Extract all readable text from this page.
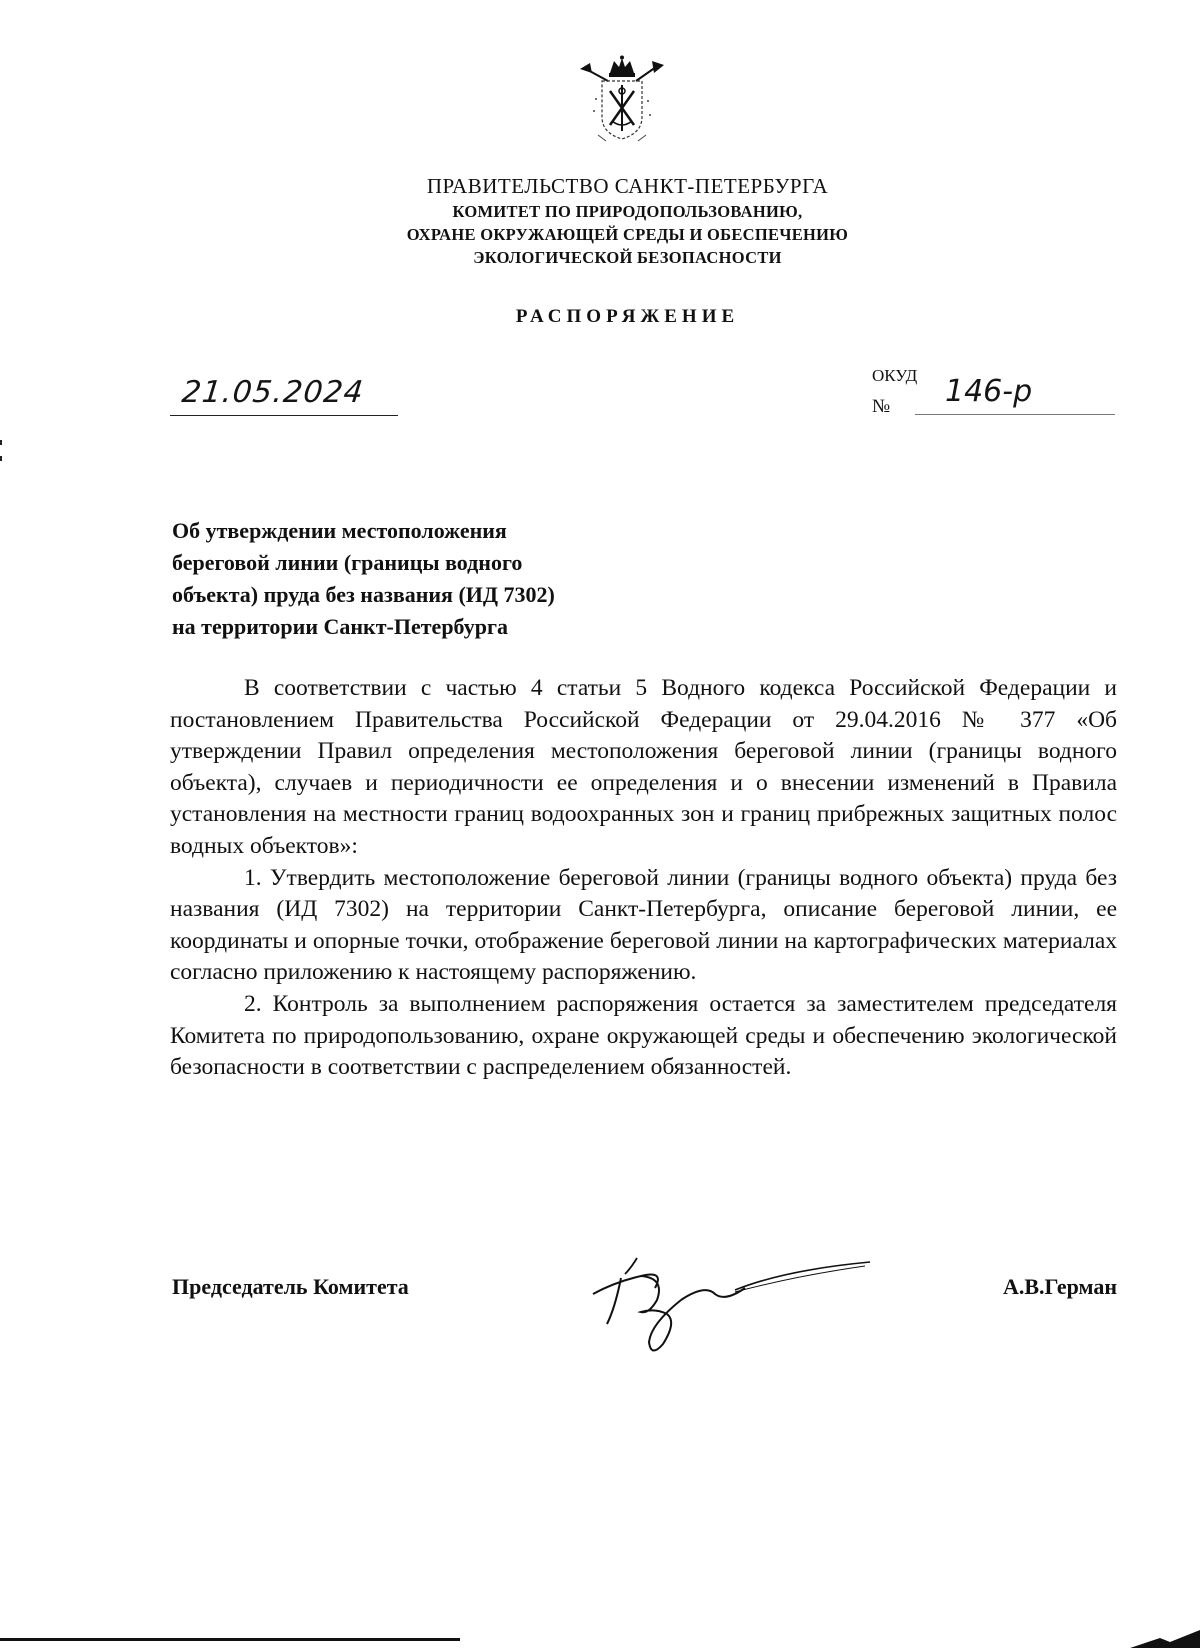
ПРАВИТЕЛЬСТВО САНКТ-ПЕТЕРБУРГА
КОМИТЕТ ПО ПРИРОДОПОЛЬЗОВАНИЮ,
ОХРАНЕ ОКРУЖАЮЩЕЙ СРЕДЫ И ОБЕСПЕЧЕНИЮ
ЭКОЛОГИЧЕСКОЙ БЕЗОПАСНОСТИ
РАСПОРЯЖЕНИЕ
21.05.2024	ОКУД
№ 146-р
Об утверждении местоположения
береговой линии (границы водного
объекта) пруда без названия (ИД 7302)
на территории Санкт-Петербурга

В соответствии с частью 4 статьи 5 Водного кодекса Российской Федерации и постановлением Правительства Российской Федерации от 29.04.2016 № 377 «Об утверждении Правил определения местоположения береговой линии (границы водного объекта), случаев и периодичности ее определения и о внесении изменений в Правила установления на местности границ водоохранных зон и границ прибрежных защитных полос водных объектов»:

1. Утвердить местоположение береговой линии (границы водного объекта) пруда без названия (ИД 7302) на территории Санкт-Петербурга, описание береговой линии, ее координаты и опорные точки, отображение береговой линии на картографических материалах согласно приложению к настоящему распоряжению.

2. Контроль за выполнением распоряжения остается за заместителем председателя Комитета по природопользованию, охране окружающей среды и обеспечению экологической безопасности в соответствии с распределением обязанностей.

Председатель Комитета	А.В.Герман
